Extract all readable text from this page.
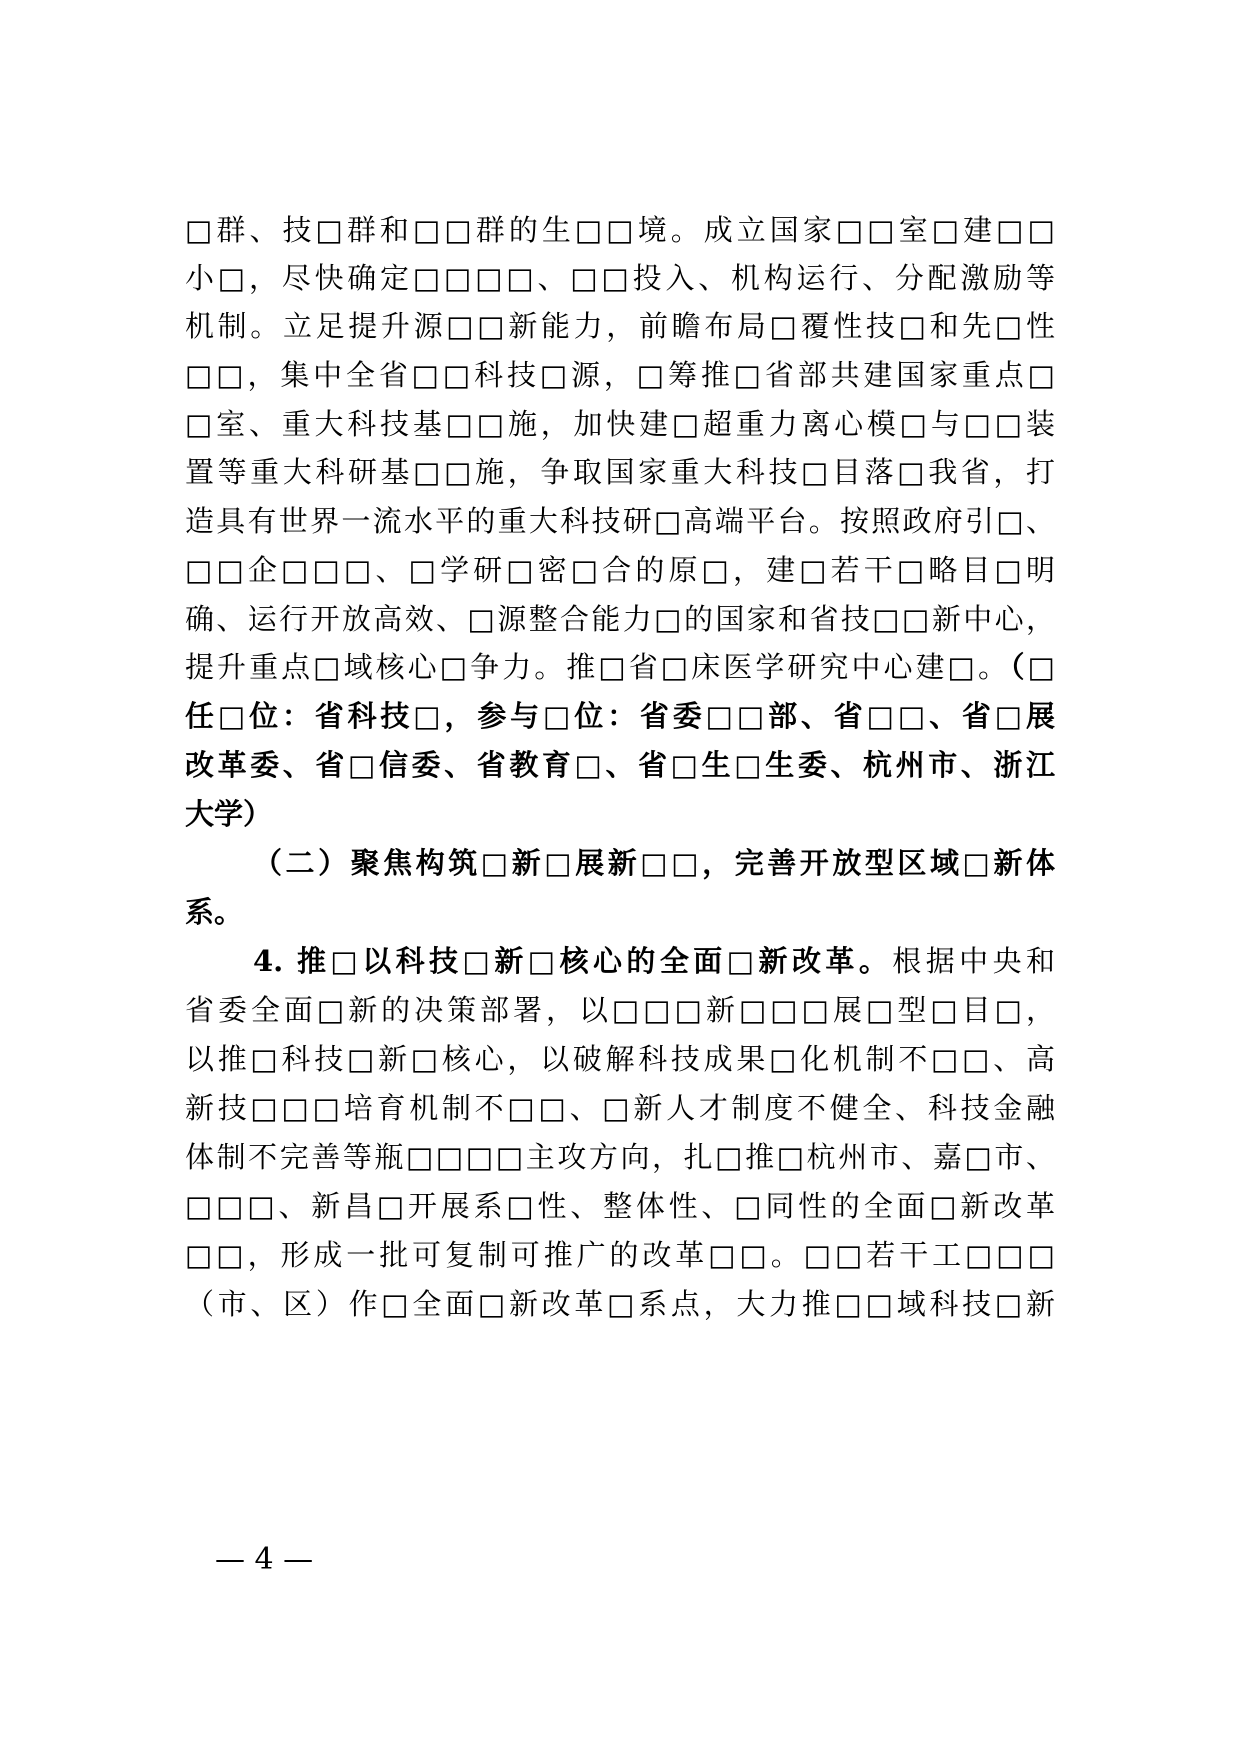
□群、技□群和□□群的生□□境。成立国家□□室□建□□
小□，尽快确定□□□□、□□投入、机构运行、分配激励等
机制。立足提升源□□新能力，前瞻布局□覆性技□和先□性
□□，集中全省□□科技□源，□筹推□省部共建国家重点□
□室、重大科技基□□施，加快建□超重力离心模□与□□装
置等重大科研基□□施，争取国家重大科技□目落□我省，打
造具有世界一流水平的重大科技研□高端平台。按照政府引□、
□□企□□□、□学研□密□合的原□，建□若干□略目□明
确、运行开放高效、□源整合能力□的国家和省技□□新中心，
提升重点□域核心□争力。推□省□床医学研究中心建□。（□
任□位：省科技□，参与□位：省委□□部、省□□、省□展
改革委、省□信委、省教育□、省□生□生委、杭州市、浙江
大学）
（二）聚焦构筑□新□展新□□，完善开放型区域□新体
系。
4. 推□以科技□新□核心的全面□新改革。根据中央和
省委全面□新的决策部署，以□□□新□□□展□型□目□，
以推□科技□新□核心，以破解科技成果□化机制不□□、高
新技□□□培育机制不□□、□新人才制度不健全、科技金融
体制不完善等瓶□□□□主攻方向，扎□推□杭州市、嘉□市、
□□□、新昌□开展系□性、整体性、□同性的全面□新改革
□□，形成一批可复制可推广的改革□□。□□若干工□□□
（市、区）作□全面□新改革□系点，大力推□□域科技□新
— 4 —
